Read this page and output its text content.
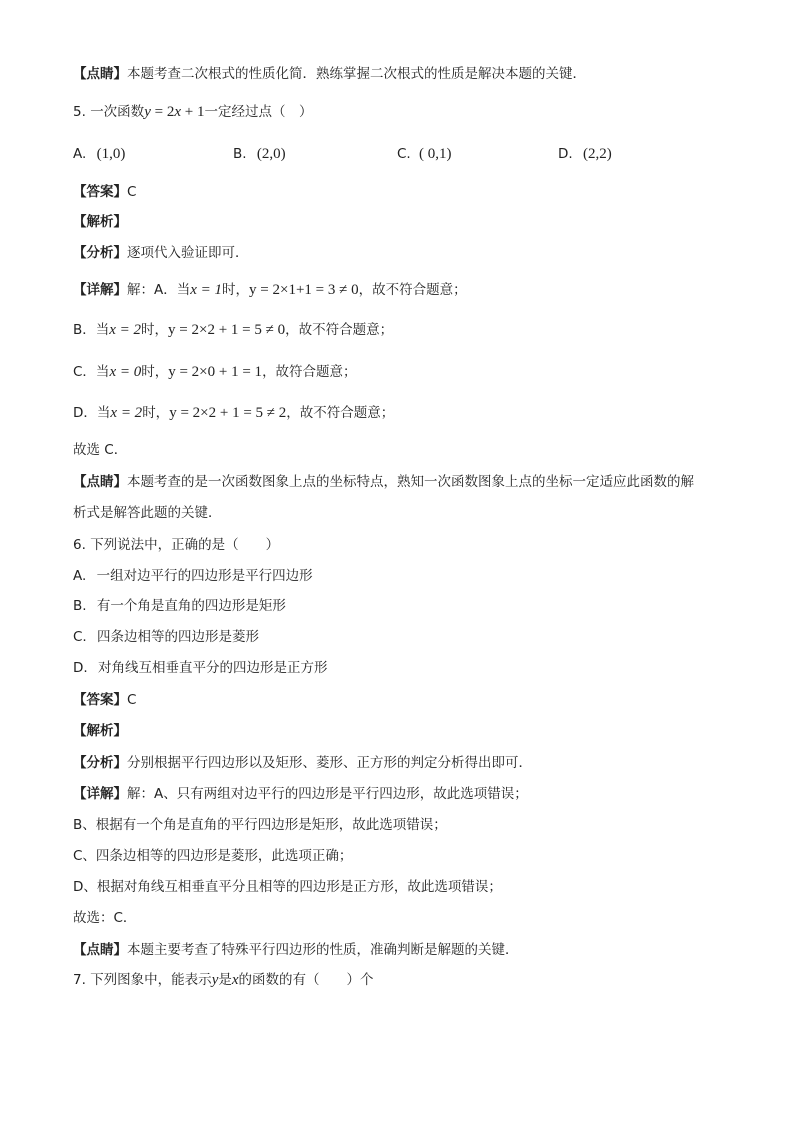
【点睛】本题考查二次根式的性质化简．熟练掌握二次根式的性质是解决本题的关键．
5. 一次函数y = 2x + 1一定经过点（　）
A. (1,0)	B. (2,0)	C. ( 0,1)	D. (2,2)
【答案】C
【解析】
【分析】逐项代入验证即可．
【详解】解：A．当x = 1时，y = 2×1+1 = 3 ≠ 0，故不符合题意；
B．当x = 2时，y = 2×2 + 1 = 5 ≠ 0，故不符合题意；
C．当x = 0时，y = 2×0 + 1 = 1，故符合题意；
D．当x = 2时，y = 2×2 + 1 = 5 ≠ 2，故不符合题意；
故选 C．
【点睛】本题考查的是一次函数图象上点的坐标特点，熟知一次函数图象上点的坐标一定适应此函数的解
析式是解答此题的关键．
6. 下列说法中，正确的是（　　）
A. 一组对边平行的四边形是平行四边形
B. 有一个角是直角的四边形是矩形
C. 四条边相等的四边形是菱形
D. 对角线互相垂直平分的四边形是正方形
【答案】C
【解析】
【分析】分别根据平行四边形以及矩形、菱形、正方形的判定分析得出即可．
【详解】解：A、只有两组对边平行的四边形是平行四边形，故此选项错误；
B、根据有一个角是直角的平行四边形是矩形，故此选项错误；
C、四条边相等的四边形是菱形，此选项正确；
D、根据对角线互相垂直平分且相等的四边形是正方形，故此选项错误；
故选：C．
【点睛】本题主要考查了特殊平行四边形的性质，准确判断是解题的关键．
7. 下列图象中，能表示y是x的函数的有（　　）个
